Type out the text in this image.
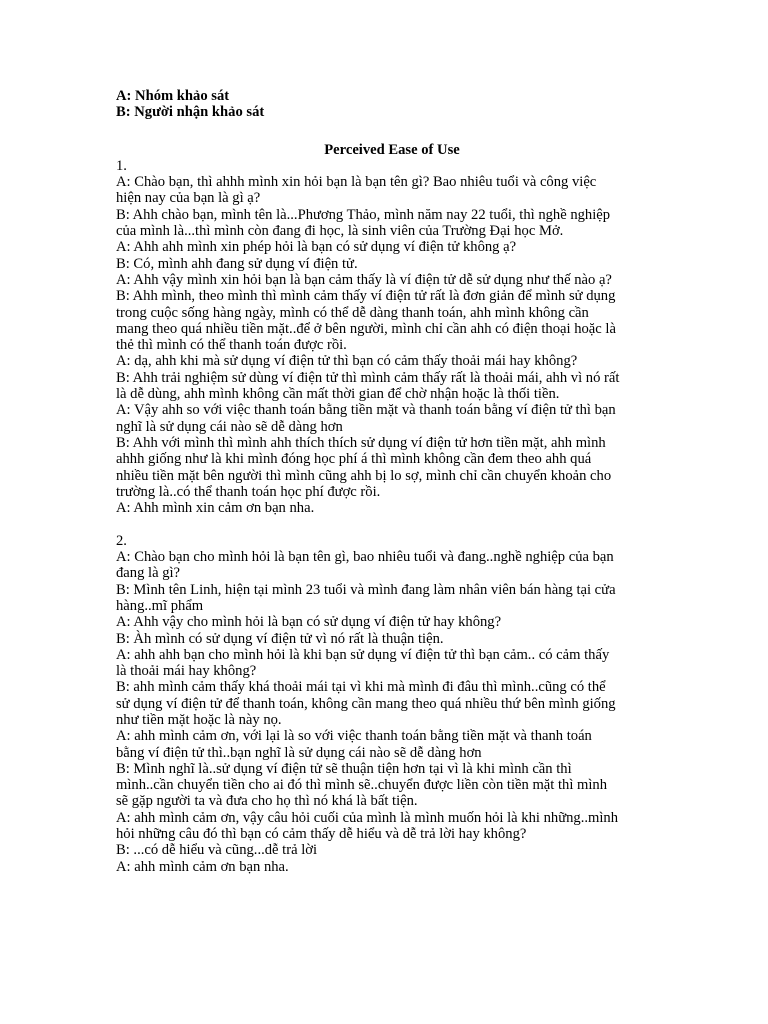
A: Nhóm khảo sát

B: Người nhận khảo sát

Perceived Ease of Use

1.

A: Chào bạn, thì ahhh mình xin hỏi bạn là bạn tên gì? Bao nhiêu tuổi và công việc

hiện nay của bạn là gì ạ?

B: Ahh chào bạn, mình tên là...Phương Thảo, mình năm nay 22 tuổi, thì nghề nghiệp

của mình là...thì mình còn đang đi học, là sinh viên của Trường Đại học Mở.

A: Ahh ahh mình xin phép hỏi là bạn có sử dụng ví điện tử không ạ?

B: Có, mình ahh đang sử dụng ví điện tử.

A: Ahh vậy mình xin hỏi bạn là bạn cảm thấy là ví điện tử dễ sử dụng như thế nào ạ?

B: Ahh mình, theo mình thì mình cảm thấy ví điện tử rất là đơn giản để mình sử dụng

trong cuộc sống hàng ngày, mình có thể dễ dàng thanh toán, ahh mình không cần

mang theo quá nhiều tiền mặt..để ở bên người, mình chỉ cần ahh có điện thoại hoặc là

thẻ thì mình có thể thanh toán được rồi.

A: dạ, ahh khi mà sử dụng ví điện tử thì bạn có cảm thấy thoải mái hay không?

B: Ahh trải nghiệm sử dùng ví điện tử thì mình cảm thấy rất là thoải mái, ahh vì nó rất

là dễ dùng, ahh mình không cần mất thời gian để chờ nhận hoặc là thối tiền.

A: Vậy ahh so với việc thanh toán bằng tiền mặt và thanh toán bằng ví điện tử thì bạn

nghĩ là sử dụng cái nào sẽ dễ dàng hơn

B: Ahh với mình thì mình ahh thích thích sử dụng ví điện tử hơn tiền mặt, ahh mình

ahhh giống như là khi mình đóng học phí á thì mình không cần đem theo ahh quá

nhiều tiền mặt bên người thì mình cũng ahh bị lo sợ, mình chỉ cần chuyển khoản cho

trường là..có thể thanh toán học phí được rồi.

A: Ahh mình xin cảm ơn bạn nha.

2.

A: Chào bạn cho mình hỏi là bạn tên gì, bao nhiêu tuổi và đang..nghề nghiệp của bạn

đang là gì?

B: Mình tên Linh, hiện tại mình 23 tuổi và mình đang làm nhân viên bán hàng tại cửa

hàng..mĩ phẩm

A: Ahh vậy cho mình hỏi là bạn có sử dụng ví điện tử hay không?

B: Àh mình có sử dụng ví điện tử vì nó rất là thuận tiện.

A: ahh ahh bạn cho mình hỏi là khi bạn sử dụng ví điện tử thì bạn cảm.. có cảm thấy

là thoải mái hay không?

B: ahh mình cảm thấy khá thoải mái tại vì khi mà mình đi đâu thì mình..cũng có thể

sử dụng ví điện tử để thanh toán, không cần mang theo quá nhiều thứ bên mình giống

như tiền mặt hoặc là này nọ.

A: ahh mình cảm ơn, với lại là so với việc thanh toán bằng tiền mặt và thanh toán

bằng ví điện tử thì..bạn nghĩ là sử dụng cái nào sẽ dễ dàng hơn

B: Mình nghĩ là..sử dụng ví điện tử sẽ thuận tiện hơn tại vì là khi mình cần thì

mình..cần chuyển tiền cho ai đó thì mình sẽ..chuyển được liền còn tiền mặt thì mình

sẽ gặp người ta và đưa cho họ thì nó khá là bất tiện.

A: ahh mình cảm ơn, vậy câu hỏi cuối của mình là mình muốn hỏi là khi những..mình

hỏi những câu đó thì bạn có cảm thấy dễ hiểu và dễ trả lời hay không?

B: ...có dễ hiểu và cũng...dễ trả lời

A: ahh mình cảm ơn bạn nha.
